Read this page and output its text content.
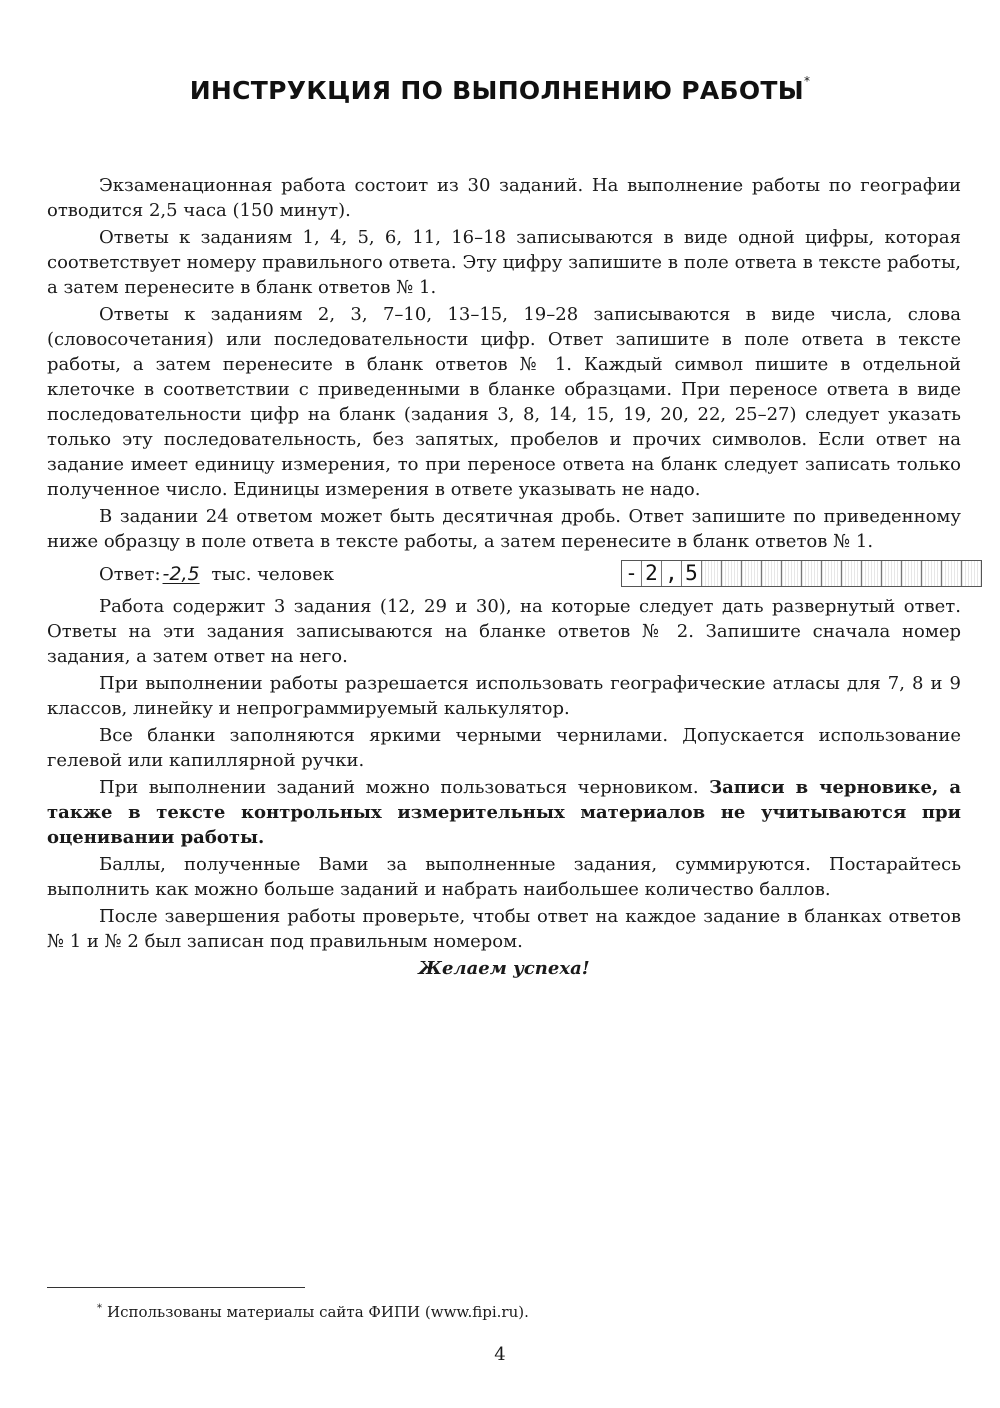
ИНСТРУКЦИЯ ПО ВЫПОЛНЕНИЮ РАБОТЫ*

Экзаменационная работа состоит из 30 заданий. На выполнение работы по географии отводится 2,5 часа (150 минут).

Ответы к заданиям 1, 4, 5, 6, 11, 16–18 записываются в виде одной цифры, которая соответствует номеру правильного ответа. Эту цифру запишите в поле ответа в тексте работы, а затем перенесите в бланк ответов № 1.

Ответы к заданиям 2, 3, 7–10, 13–15, 19–28 записываются в виде числа, слова (словосочетания) или последовательности цифр. Ответ запишите в поле ответа в тексте работы, а затем перенесите в бланк ответов № 1. Каждый символ пишите в отдельной клеточке в соответствии с приведенными в бланке образцами. При переносе ответа в виде последовательности цифр на бланк (задания 3, 8, 14, 15, 19, 20, 22, 25–27) следует указать только эту последовательность, без запятых, пробелов и прочих символов. Если ответ на задание имеет единицу измерения, то при переносе ответа на бланк следует записать только полученное число. Единицы измерения в ответе указывать не надо.

В задании 24 ответом может быть десятичная дробь. Ответ запишите по приведенному ниже образцу в поле ответа в тексте работы, а затем перенесите в бланк ответов № 1.

Ответ: -2,5 тыс. человек	- 2 , 5

Работа содержит 3 задания (12, 29 и 30), на которые следует дать развернутый ответ. Ответы на эти задания записываются на бланке ответов № 2. Запишите сначала номер задания, а затем ответ на него.

При выполнении работы разрешается использовать географические атласы для 7, 8 и 9 классов, линейку и непрограммируемый калькулятор.

Все бланки заполняются яркими черными чернилами. Допускается использование гелевой или капиллярной ручки.

При выполнении заданий можно пользоваться черновиком. Записи в черновике, а также в тексте контрольных измерительных материалов не учитываются при оценивании работы.

Баллы, полученные Вами за выполненные задания, суммируются. Постарайтесь выполнить как можно больше заданий и набрать наибольшее количество баллов.

После завершения работы проверьте, чтобы ответ на каждое задание в бланках ответов № 1 и № 2 был записан под правильным номером.

Желаем успеха!

* Использованы материалы сайта ФИПИ (www.fipi.ru).
4
